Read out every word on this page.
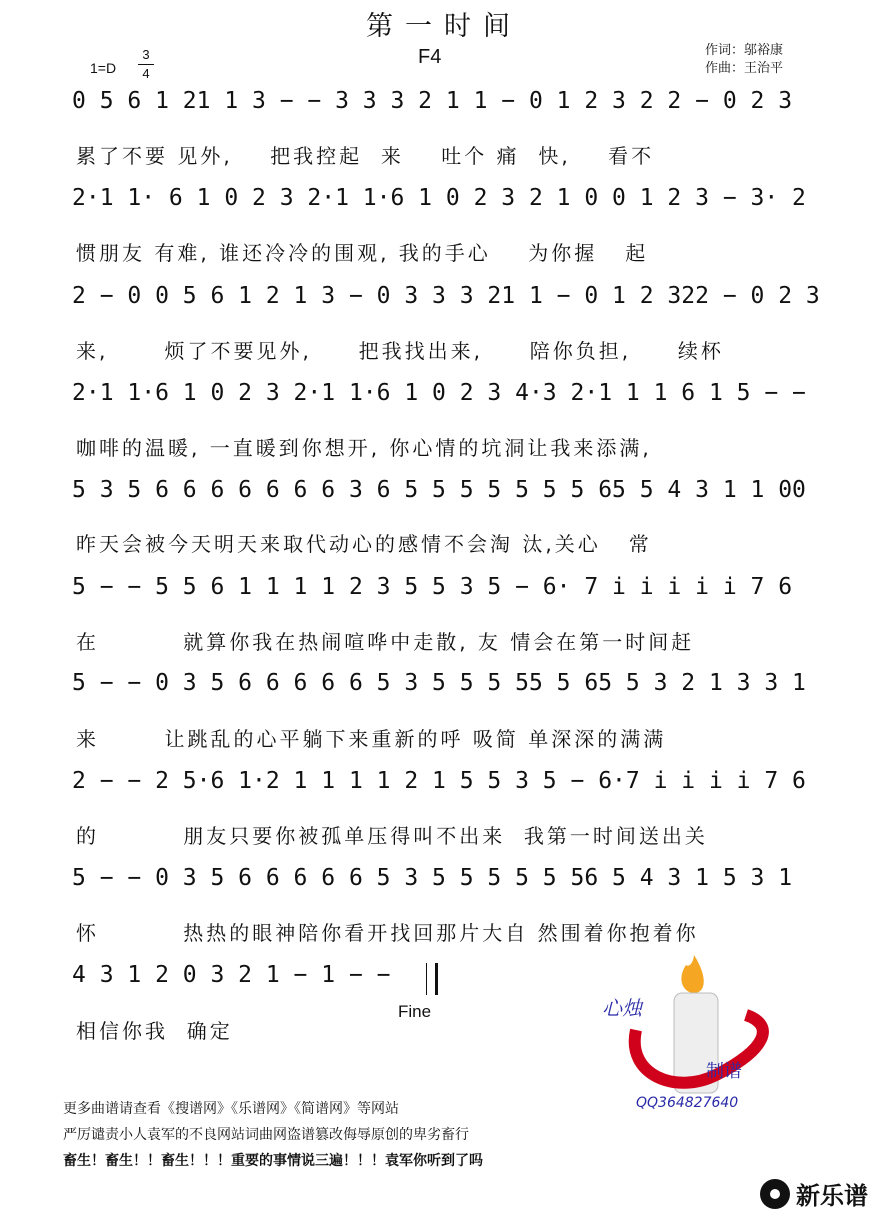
第一时间
F4
1=D
3
4
作词：邬裕康
作曲：王治平
0 5 6 1 21 1 3 − − 3 3 3 2 1 1 − 0 1 2 3 2 2 − 0 2 3
累了不要 见外,    把我控起  来    吐个 痛  快,    看不
2·1 1· 6 1 0 2 3 2·1 1·6 1 0 2 3 2 1 0 0 1 2 3 − 3· 2
惯朋友 有难, 谁还冷冷的围观, 我的手心    为你握   起
2 − 0 0 5 6 1 2 1 3 − 0 3 3 3 21 1 − 0 1 2 322 − 0 2 3
来,      烦了不要见外,     把我找出来,     陪你负担,     续杯
2·1 1·6 1 0 2 3 2·1 1·6 1 0 2 3 4·3 2·1 1 1 6 1 5 − −
咖啡的温暖, 一直暖到你想开, 你心情的坑洞让我来添满,
5 3 5 6 6 6 6 6 6 6 3 6 5 5 5 5 5 5 5 65 5 4 3 1 1 00
昨天会被今天明天来取代动心的感情不会淘 汰,关心   常
5 − − 5 5 6 1 1 1 1 2 3 5 5 3 5 − 6· 7 i i i i i 7 6
在         就算你我在热闹喧哗中走散, 友 情会在第一时间赶
5 − − 0 3 5 6 6 6 6 6 5 3 5 5 5 55 5 65 5 3 2 1 3 3 1
来       让跳乱的心平躺下来重新的呼 吸简 单深深的满满
2 − − 2 5·6 1·2 1 1 1 1 2 1 5 5 3 5 − 6·7 i i i i 7 6
的         朋友只要你被孤单压得叫不出来  我第一时间送出关
5 − − 0 3 5 6 6 6 6 6 5 3 5 5 5 5 5 56 5 4 3 1 5 3 1
怀         热热的眼神陪你看开找回那片大自 然围着你抱着你
4 3 1 2 0 3 2 1 − 1 − −
相信你我  确定
Fine	心烛
制谱
QQ364827640
更多曲谱请查看《搜谱网》《乐谱网》《简谱网》等网站
严厉谴责小人袁军的不良网站词曲网盗谱篡改侮辱原创的卑劣畜行
畜生！畜生！！畜生！！！重要的事情说三遍！！！袁军你听到了吗
新乐谱
